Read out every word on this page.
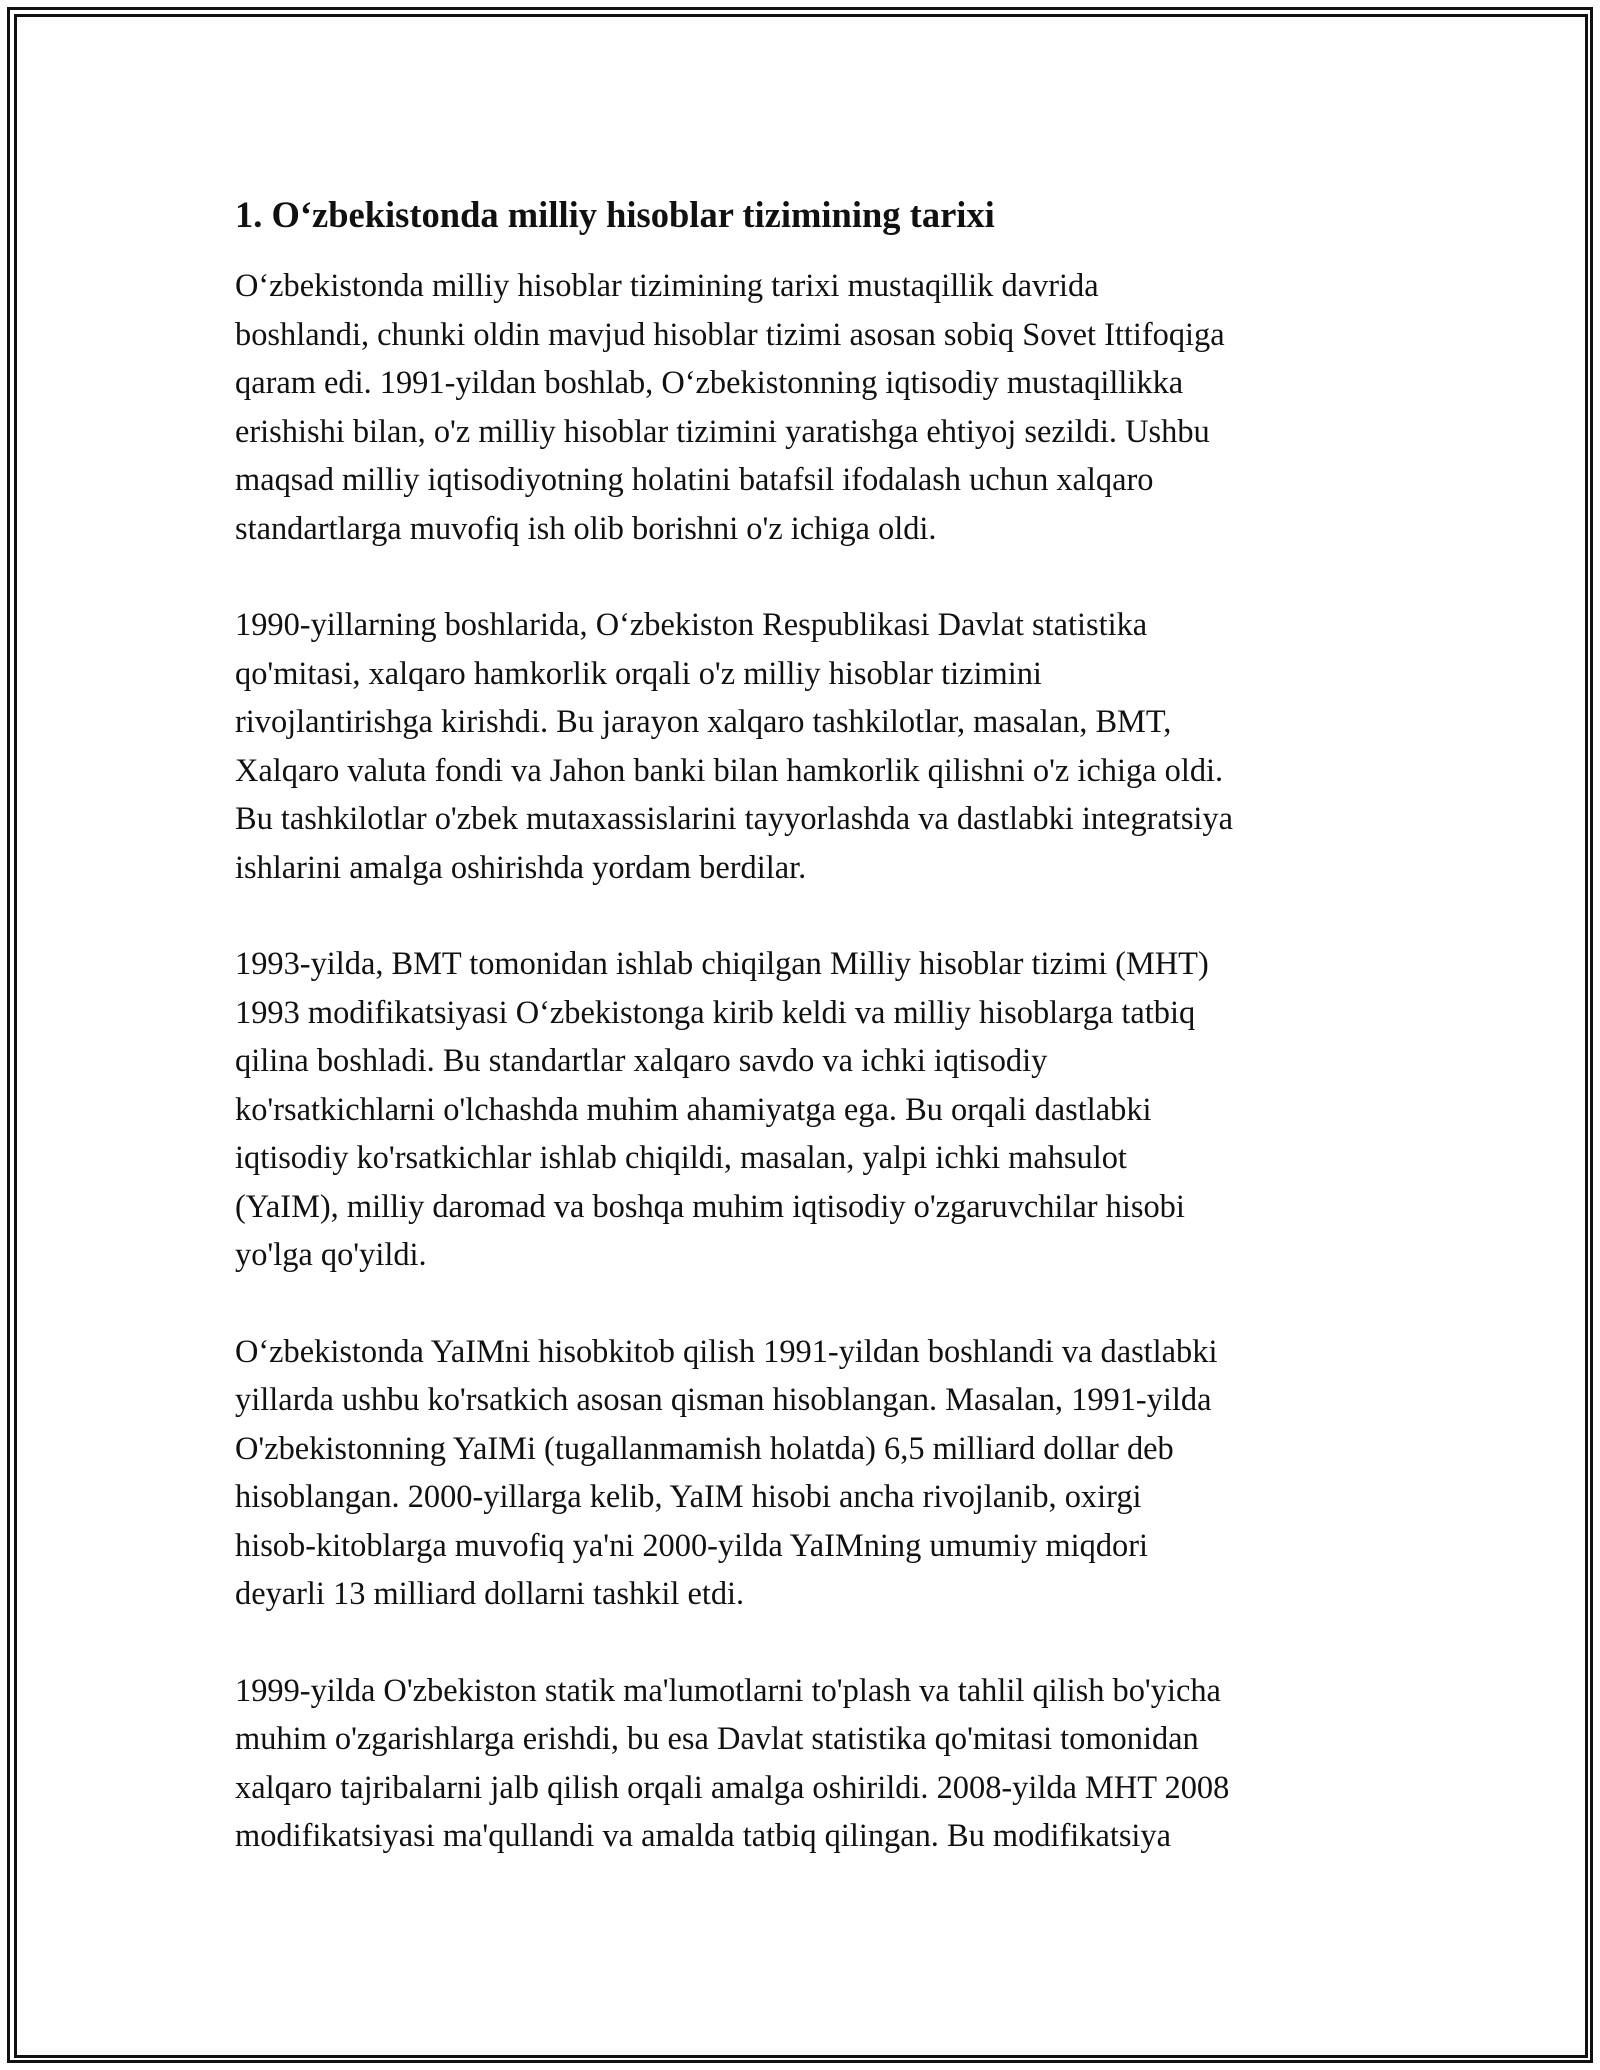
1. O‘zbekistonda milliy hisoblar tizimining tarixi

O‘zbekistonda milliy hisoblar tizimining tarixi mustaqillik davrida
boshlandi, chunki oldin mavjud hisoblar tizimi asosan sobiq Sovet Ittifoqiga
qaram edi. 1991-yildan boshlab, O‘zbekistonning iqtisodiy mustaqillikka
erishishi bilan, o'z milliy hisoblar tizimini yaratishga ehtiyoj sezildi. Ushbu
maqsad milliy iqtisodiyotning holatini batafsil ifodalash uchun xalqaro
standartlarga muvofiq ish olib borishni o'z ichiga oldi.

1990-yillarning boshlarida, O‘zbekiston Respublikasi Davlat statistika
qo'mitasi, xalqaro hamkorlik orqali o'z milliy hisoblar tizimini
rivojlantirishga kirishdi. Bu jarayon xalqaro tashkilotlar, masalan, BMT,
Xalqaro valuta fondi va Jahon banki bilan hamkorlik qilishni o'z ichiga oldi.
Bu tashkilotlar o'zbek mutaxassislarini tayyorlashda va dastlabki integratsiya
ishlarini amalga oshirishda yordam berdilar.

1993-yilda, BMT tomonidan ishlab chiqilgan Milliy hisoblar tizimi (MHT)
1993 modifikatsiyasi O‘zbekistonga kirib keldi va milliy hisoblarga tatbiq
qilina boshladi. Bu standartlar xalqaro savdo va ichki iqtisodiy
ko'rsatkichlarni o'lchashda muhim ahamiyatga ega. Bu orqali dastlabki
iqtisodiy ko'rsatkichlar ishlab chiqildi, masalan, yalpi ichki mahsulot
(YaIM), milliy daromad va boshqa muhim iqtisodiy o'zgaruvchilar hisobi
yo'lga qo'yildi.

O‘zbekistonda YaIMni hisobkitob qilish 1991-yildan boshlandi va dastlabki
yillarda ushbu ko'rsatkich asosan qisman hisoblangan. Masalan, 1991-yilda
O'zbekistonning YaIMi (tugallanmamish holatda) 6,5 milliard dollar deb
hisoblangan. 2000-yillarga kelib, YaIM hisobi ancha rivojlanib, oxirgi
hisob-kitoblarga muvofiq ya'ni 2000-yilda YaIMning umumiy miqdori
deyarli 13 milliard dollarni tashkil etdi.

1999-yilda O'zbekiston statik ma'lumotlarni to'plash va tahlil qilish bo'yicha
muhim o'zgarishlarga erishdi, bu esa Davlat statistika qo'mitasi tomonidan
xalqaro tajribalarni jalb qilish orqali amalga oshirildi. 2008-yilda MHT 2008
modifikatsiyasi ma'qullandi va amalda tatbiq qilingan. Bu modifikatsiya
